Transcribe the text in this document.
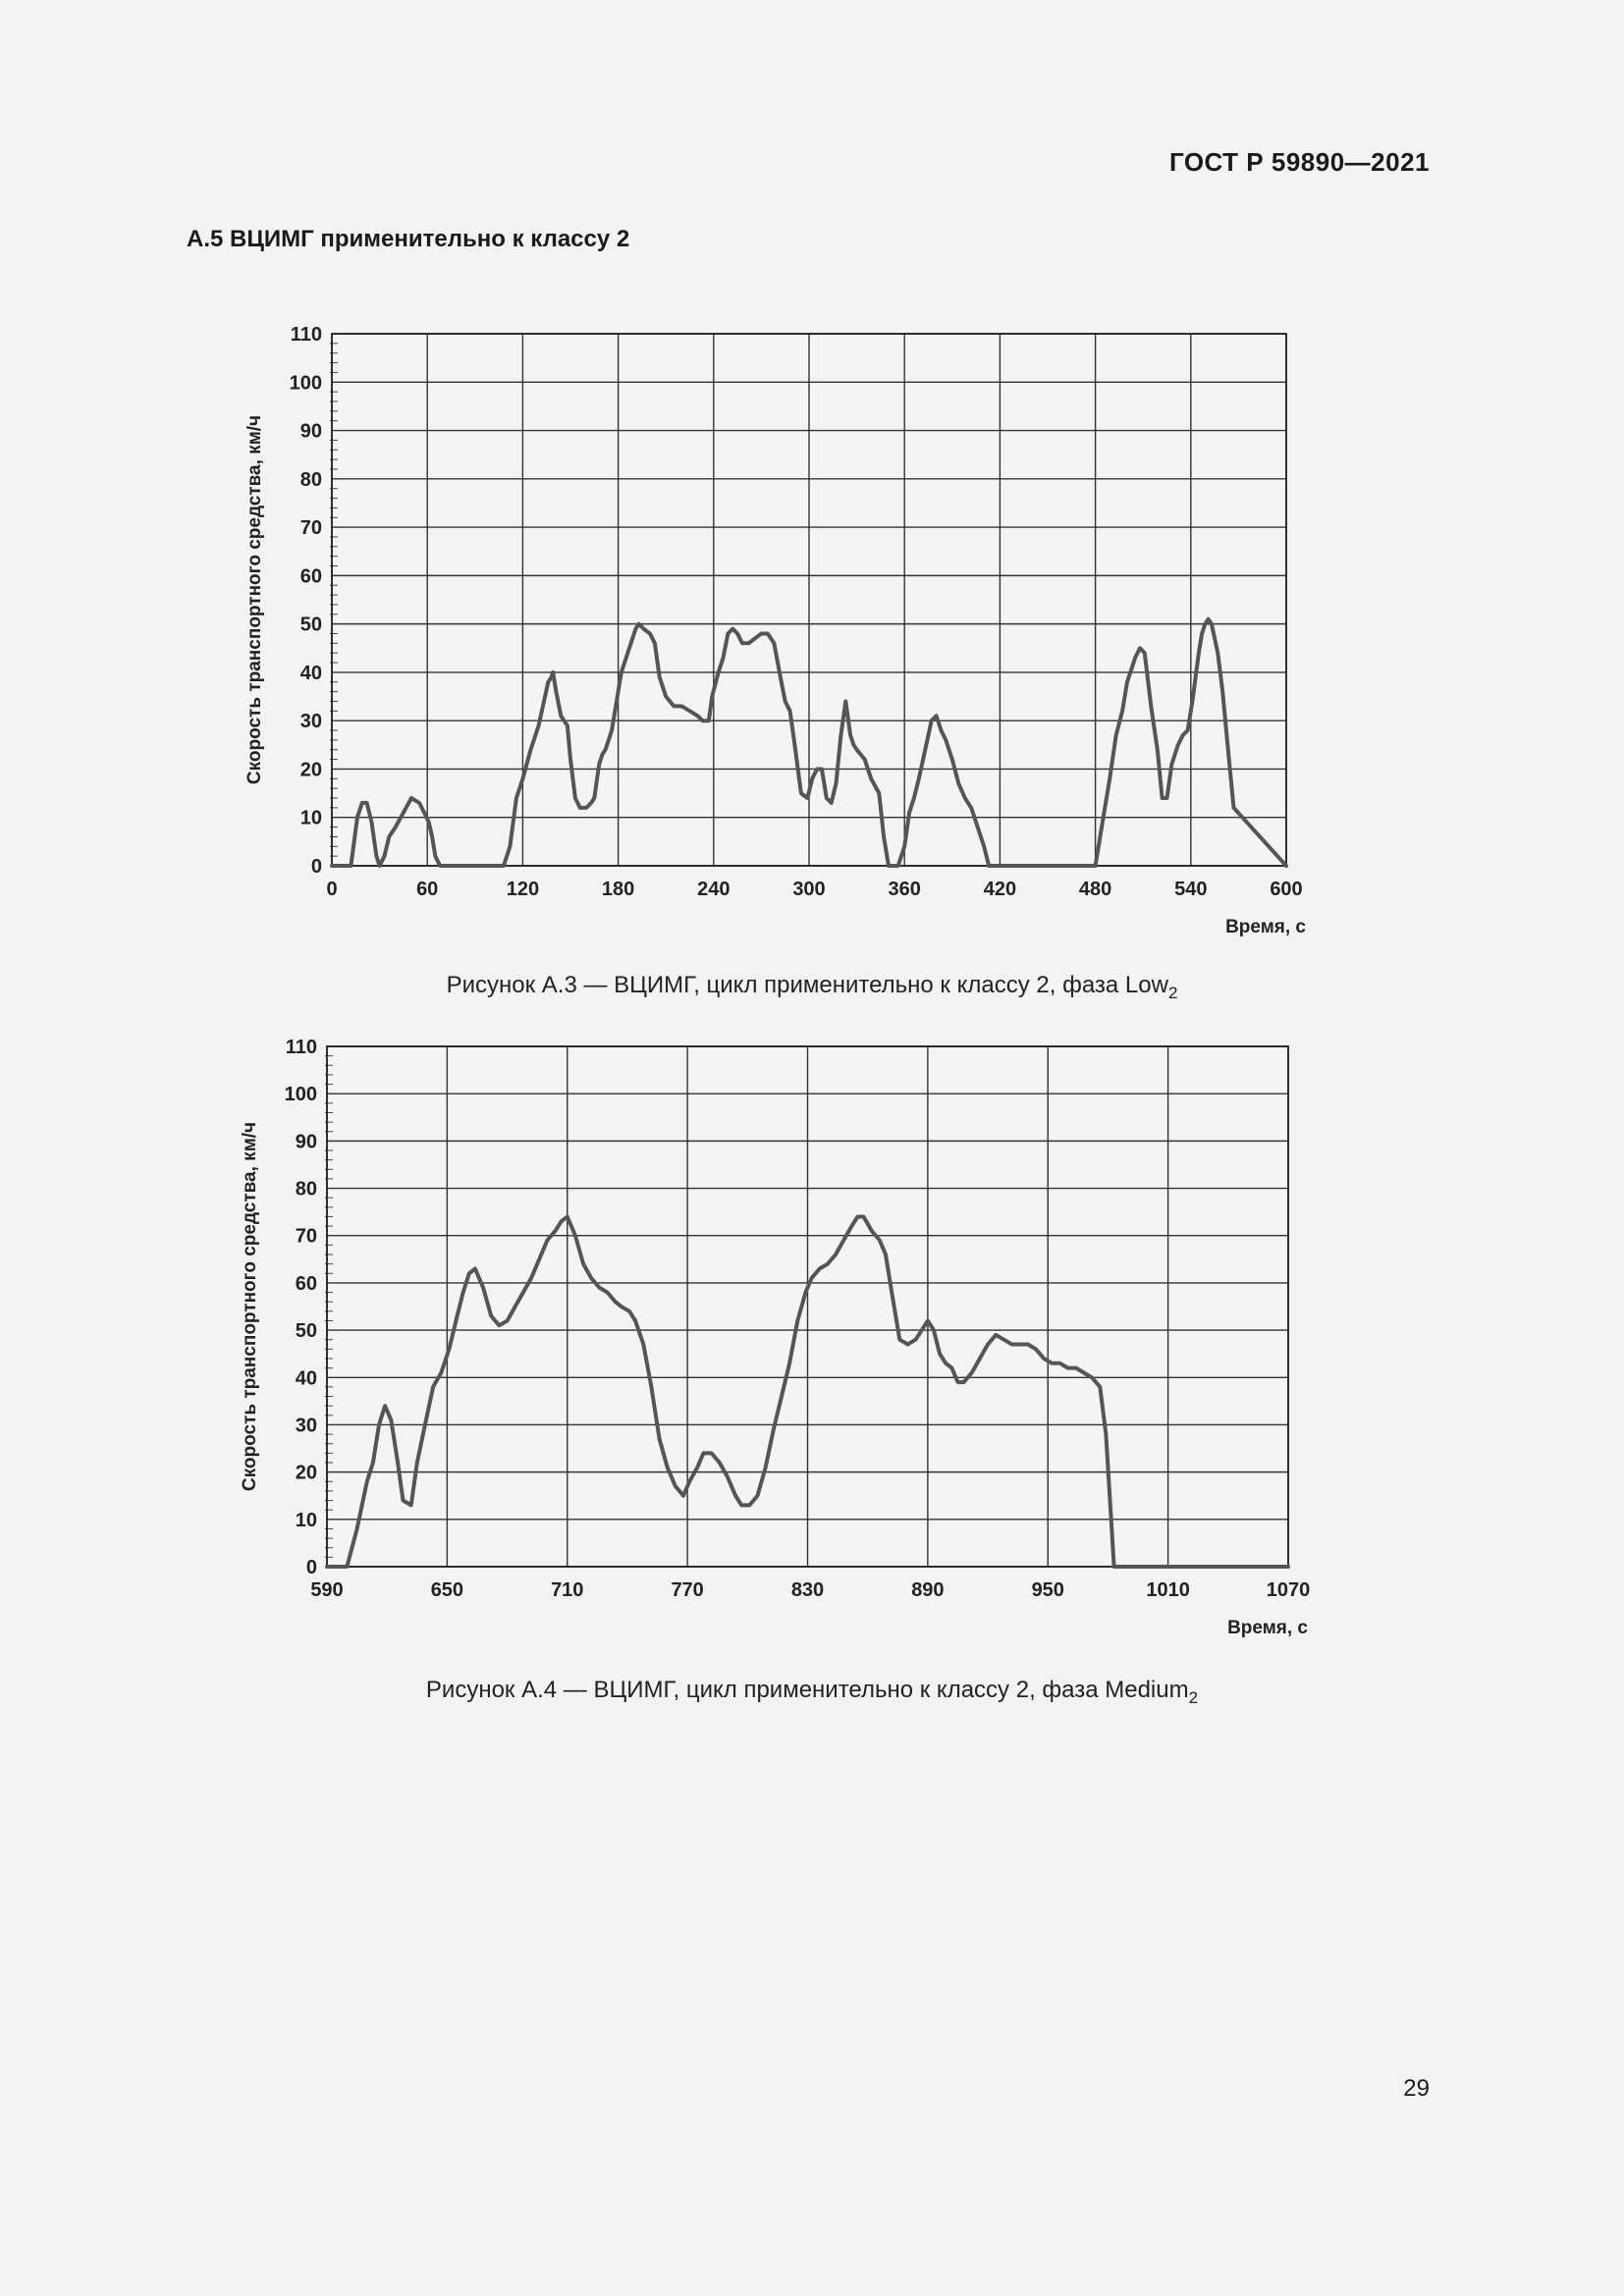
ГОСТ Р 59890—2021
А.5 ВЦИМГ применительно к классу 2
0
10
20
30
40
50
60
70
80
90
100
110
0	60	120	180	240	300	360	420	480	540	600
Время, с
Скорость транспортного средства, км/ч
Рисунок А.3 — ВЦИМГ, цикл применительно к классу 2, фаза Low$_2$
0
10
20
30
40
50
60
70
80
90
100
110
590	650	710	770	830	890	950	1010	1070
Время, с
Скорость транспортного средства, км/ч
Рисунок А.4 — ВЦИМГ, цикл применительно к классу 2, фаза Medium$_2$
29
